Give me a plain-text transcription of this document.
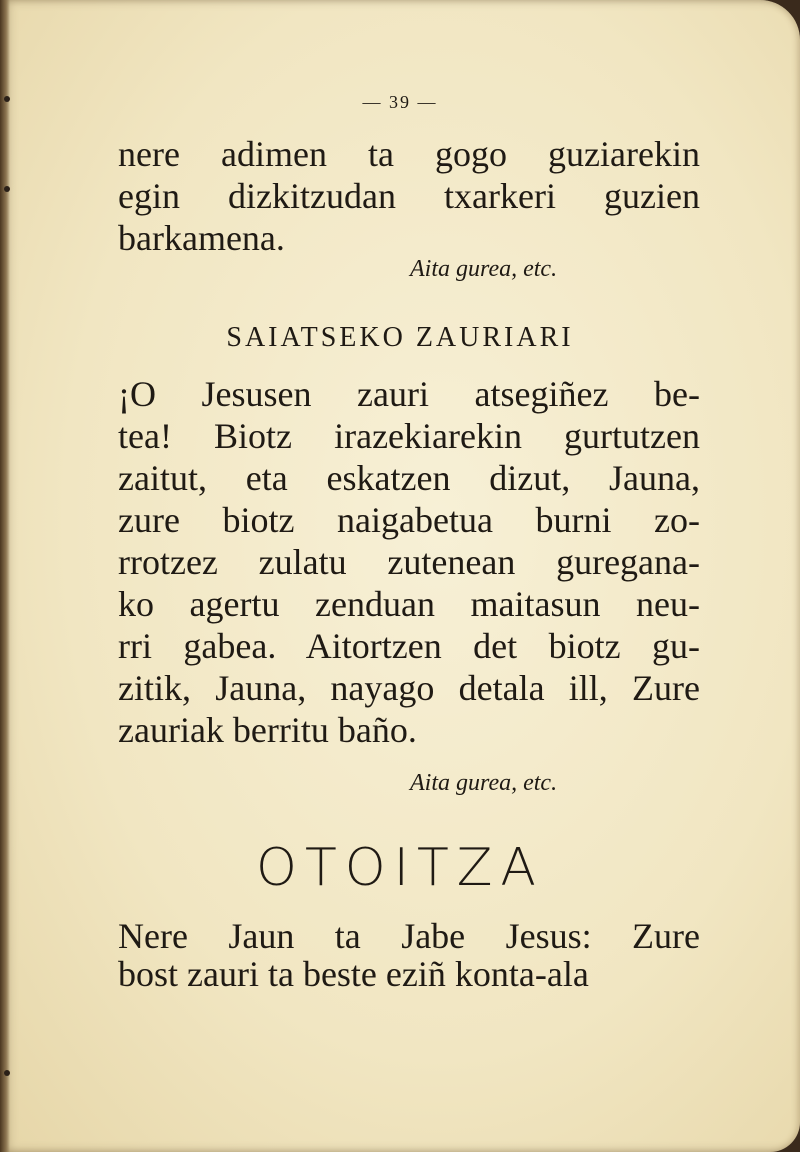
— 39 —
nere adimen ta gogo guziarekin
egin dizkitzudan txarkeri guzien
barkamena.
Aita gurea, etc.
SAIATSEKO ZAURIARI
¡O Jesusen zauri atsegiñez be-
tea! Biotz irazekiarekin gurtutzen
zaitut, eta eskatzen dizut, Jauna,
zure biotz naigabetua burni zo-
rrotzez zulatu zutenean guregana-
ko agertu zenduan maitasun neu-
rri gabea. Aitortzen det biotz gu-
zitik, Jauna, nayago detala ill, Zure
zauriak berritu baño.
Aita gurea, etc.
OTOITZA
Nere Jaun ta Jabe Jesus: Zure
bost zauri ta beste eziñ konta-ala
